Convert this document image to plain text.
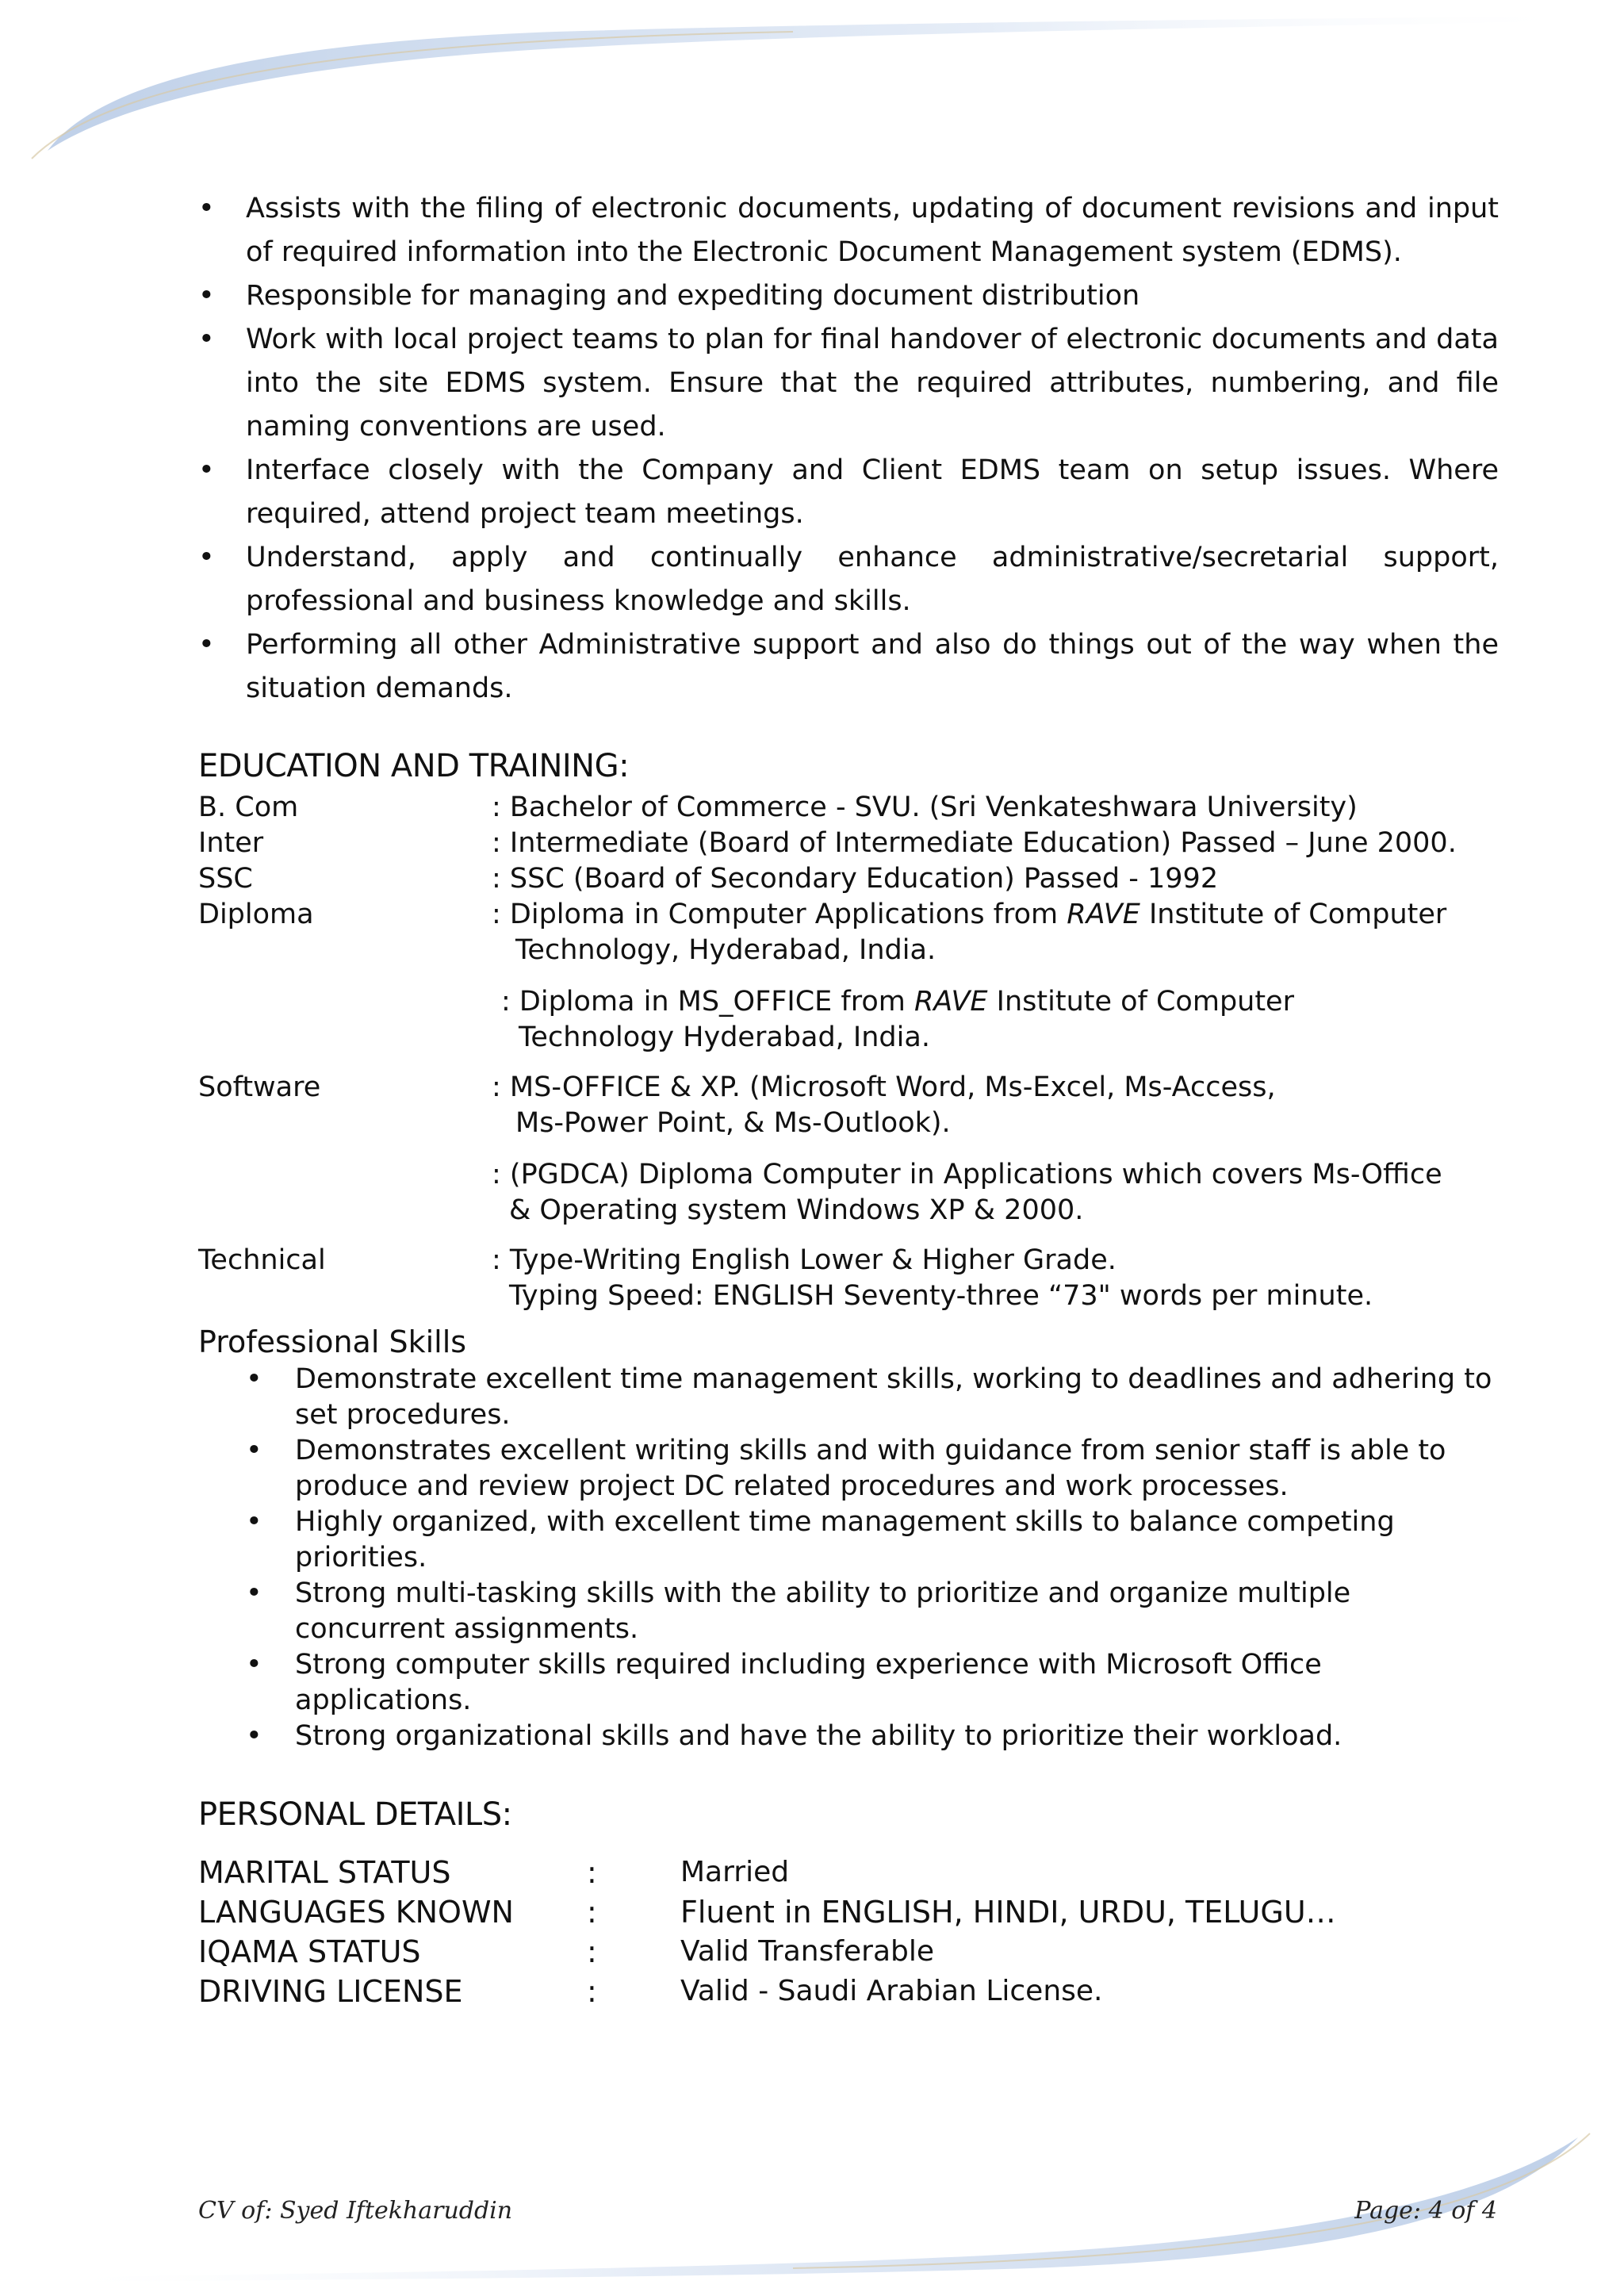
• Assists with the filing of electronic documents, updating of document revisions and input of required information into the Electronic Document Management system (EDMS).
• Responsible for managing and expediting document distribution
• Work with local project teams to plan for final handover of electronic documents and data into the site EDMS system. Ensure that the required attributes, numbering, and file naming conventions are used.
• Interface closely with the Company and Client EDMS team on setup issues. Where required, attend project team meetings.
• Understand, apply and continually enhance administrative/secretarial support, professional and business knowledge and skills.
• Performing all other Administrative support and also do things out of the way when the situation demands.
EDUCATION AND TRAINING:
B. Com	: Bachelor of Commerce - SVU. (Sri Venkateshwara University)
Inter	: Intermediate (Board of Intermediate Education) Passed – June 2000.
SSC	: SSC (Board of Secondary Education) Passed - 1992
Diploma	: Diploma in Computer Applications from RAVE Institute of Computer
Technology, Hyderabad, India.
: Diploma in MS_OFFICE from RAVE Institute of Computer
Technology Hyderabad, India.
Software	: MS-OFFICE & XP. (Microsoft Word, Ms-Excel, Ms-Access,
Ms-Power Point, & Ms-Outlook).
: (PGDCA) Diploma Computer in Applications which covers Ms-Office
& Operating system Windows XP & 2000.
Technical	: Type-Writing English Lower & Higher Grade.
Typing Speed: ENGLISH Seventy-three “73" words per minute.
Professional Skills
• Demonstrate excellent time management skills, working to deadlines and adhering to set procedures.
• Demonstrates excellent writing skills and with guidance from senior staff is able to produce and review project DC related procedures and work processes.
• Highly organized, with excellent time management skills to balance competing priorities.
• Strong multi-tasking skills with the ability to prioritize and organize multiple concurrent assignments.
• Strong computer skills required including experience with Microsoft Office applications.
• Strong organizational skills and have the ability to prioritize their workload.
PERSONAL DETAILS:
MARITAL STATUS	:	Married
LANGUAGES KNOWN	:	Fluent in ENGLISH, HINDI, URDU, TELUGU…
IQAMA STATUS	:	Valid Transferable
DRIVING LICENSE	:	Valid - Saudi Arabian License.
CV of: Syed Iftekharuddin	Page: 4 of 4
